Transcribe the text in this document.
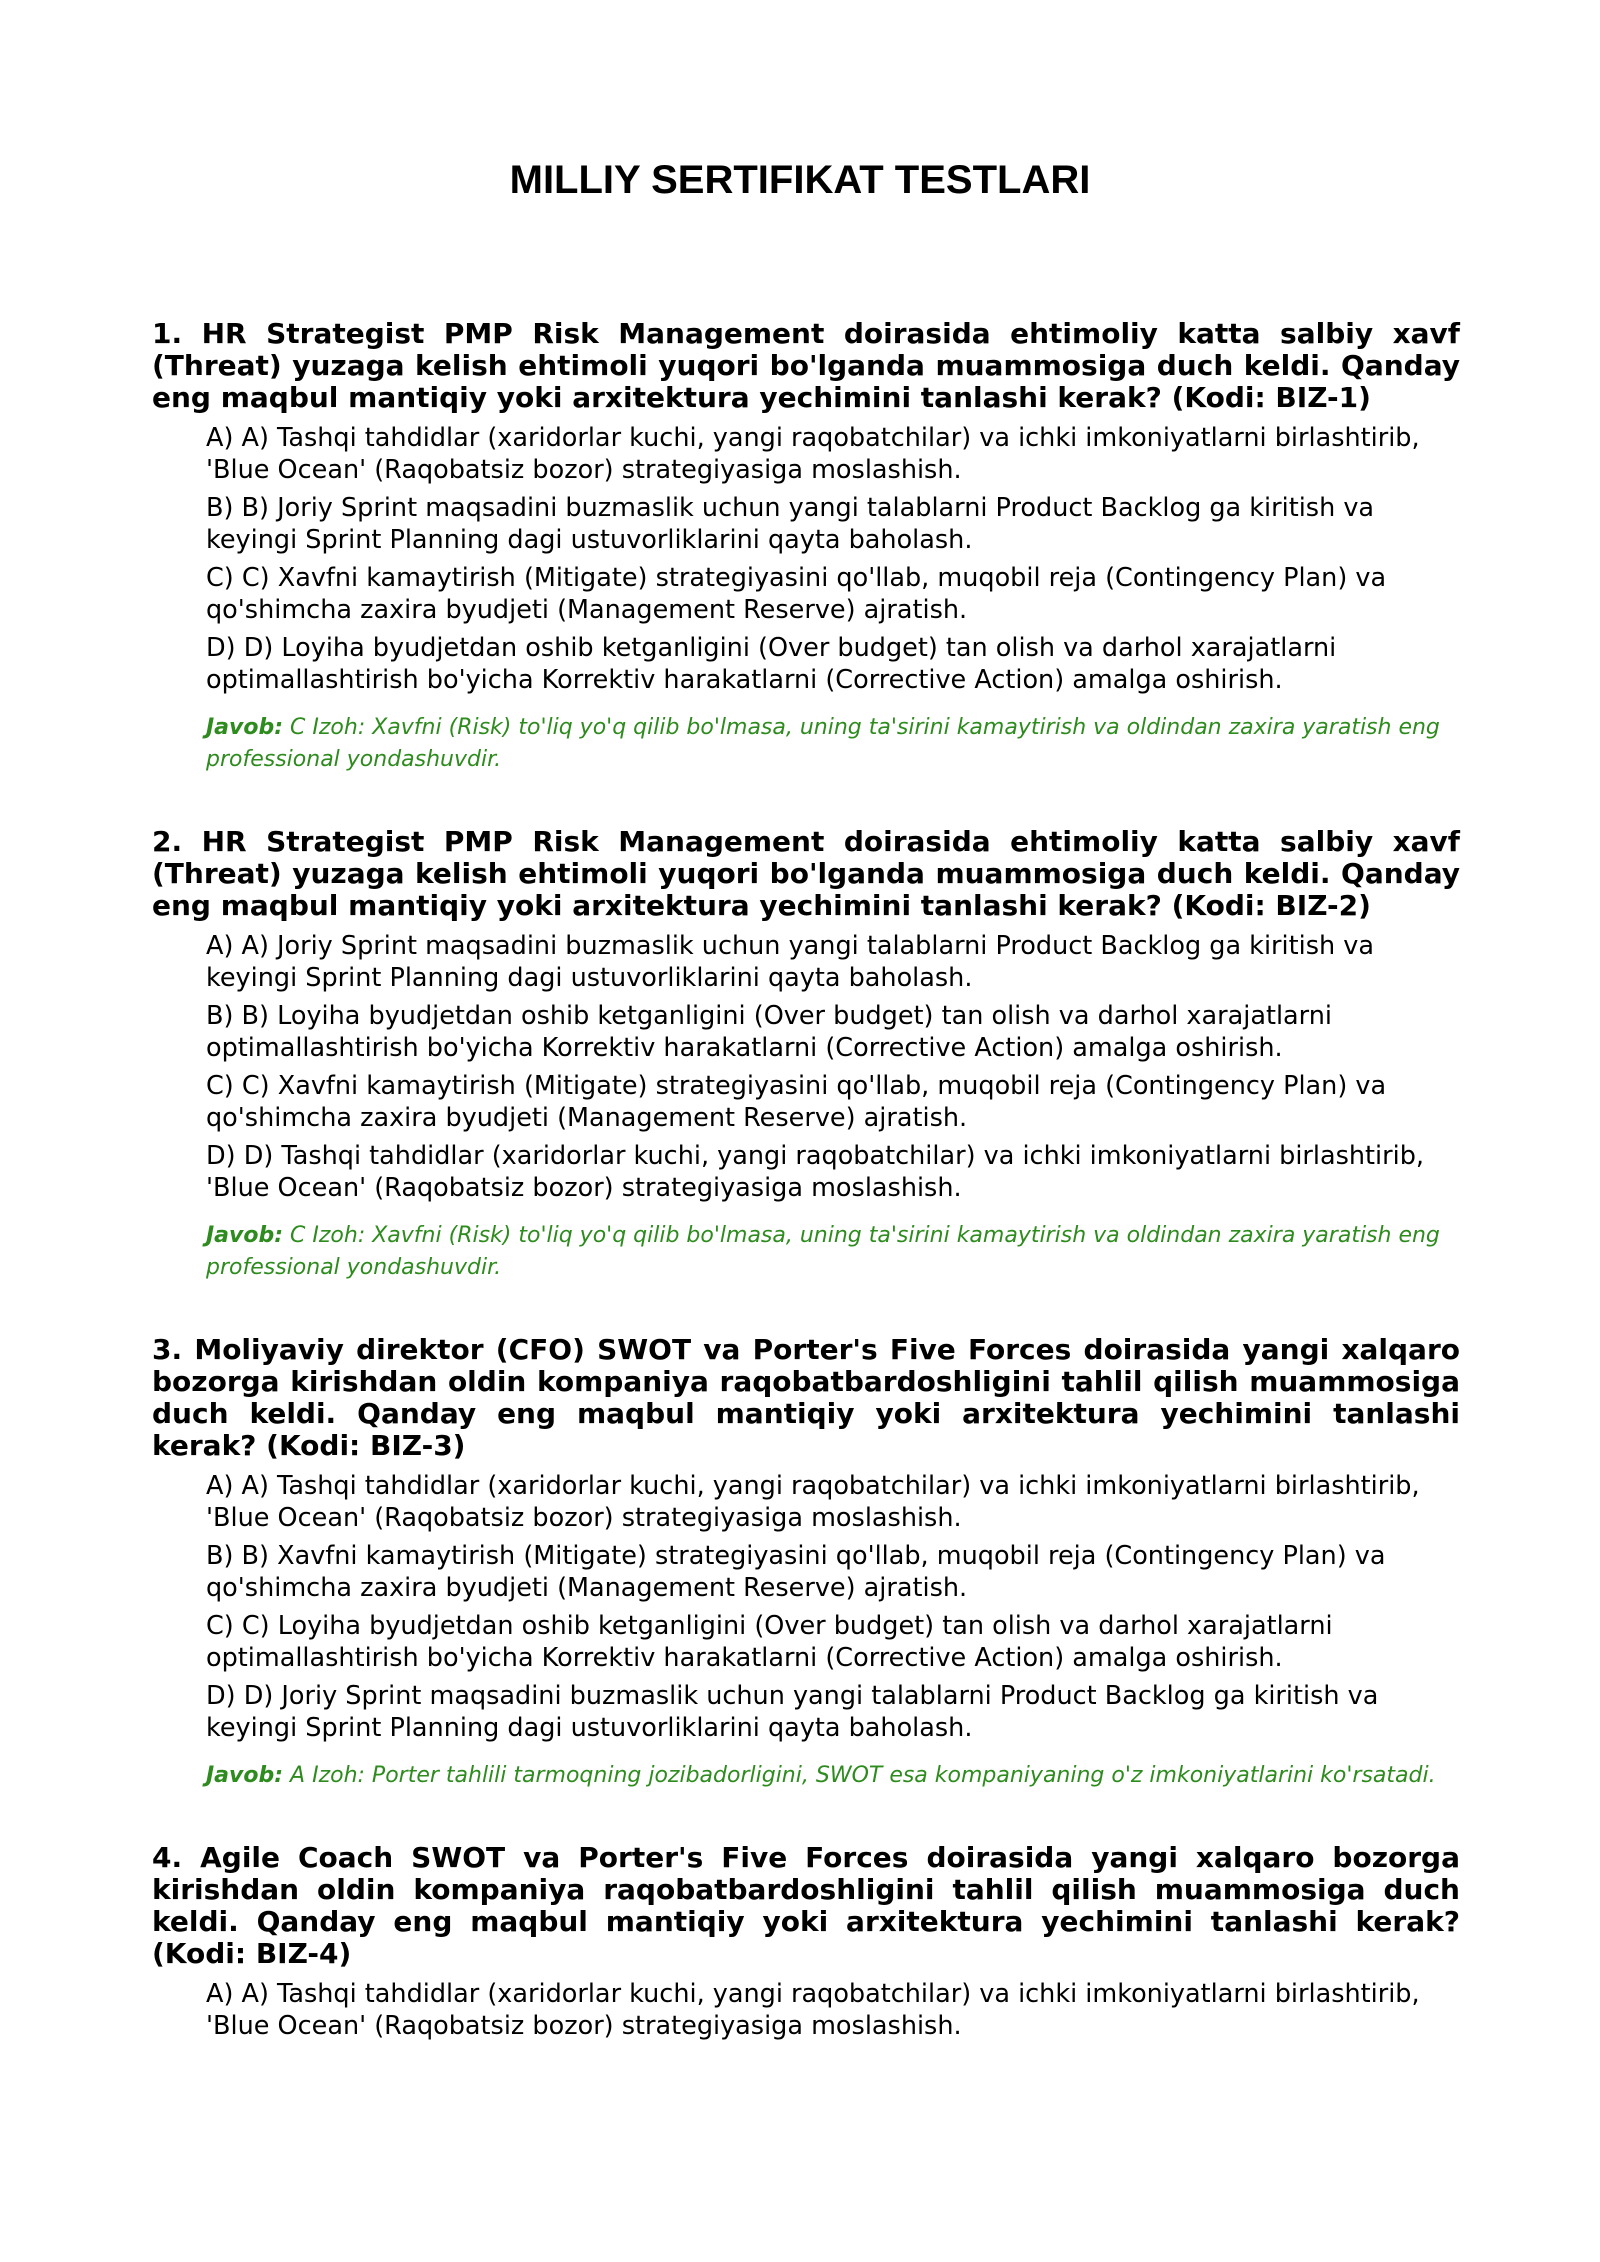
MILLIY SERTIFIKAT TESTLARI
1. HR Strategist PMP Risk Management doirasida ehtimoliy katta salbiy xavf (Threat) yuzaga kelish ehtimoli yuqori bo'lganda muammosiga duch keldi. Qanday eng maqbul mantiqiy yoki arxitektura yechimini tanlashi kerak? (Kodi: BIZ-1)
A) A) Tashqi tahdidlar (xaridorlar kuchi, yangi raqobatchilar) va ichki imkoniyatlarni birlashtirib, 'Blue Ocean' (Raqobatsiz bozor) strategiyasiga moslashish.
B) B) Joriy Sprint maqsadini buzmaslik uchun yangi talablarni Product Backlog ga kiritish va keyingi Sprint Planning dagi ustuvorliklarini qayta baholash.
C) C) Xavfni kamaytirish (Mitigate) strategiyasini qo'llab, muqobil reja (Contingency Plan) va qo'shimcha zaxira byudjeti (Management Reserve) ajratish.
D) D) Loyiha byudjetdan oshib ketganligini (Over budget) tan olish va darhol xarajatlarni optimallashtirish bo'yicha Korrektiv harakatlarni (Corrective Action) amalga oshirish.
Javob: C Izoh: Xavfni (Risk) to'liq yo'q qilib bo'lmasa, uning ta'sirini kamaytirish va oldindan zaxira yaratish eng professional yondashuvdir.
2. HR Strategist PMP Risk Management doirasida ehtimoliy katta salbiy xavf (Threat) yuzaga kelish ehtimoli yuqori bo'lganda muammosiga duch keldi. Qanday eng maqbul mantiqiy yoki arxitektura yechimini tanlashi kerak? (Kodi: BIZ-2)
A) A) Joriy Sprint maqsadini buzmaslik uchun yangi talablarni Product Backlog ga kiritish va keyingi Sprint Planning dagi ustuvorliklarini qayta baholash.
B) B) Loyiha byudjetdan oshib ketganligini (Over budget) tan olish va darhol xarajatlarni optimallashtirish bo'yicha Korrektiv harakatlarni (Corrective Action) amalga oshirish.
C) C) Xavfni kamaytirish (Mitigate) strategiyasini qo'llab, muqobil reja (Contingency Plan) va qo'shimcha zaxira byudjeti (Management Reserve) ajratish.
D) D) Tashqi tahdidlar (xaridorlar kuchi, yangi raqobatchilar) va ichki imkoniyatlarni birlashtirib, 'Blue Ocean' (Raqobatsiz bozor) strategiyasiga moslashish.
Javob: C Izoh: Xavfni (Risk) to'liq yo'q qilib bo'lmasa, uning ta'sirini kamaytirish va oldindan zaxira yaratish eng professional yondashuvdir.
3. Moliyaviy direktor (CFO) SWOT va Porter's Five Forces doirasida yangi xalqaro bozorga kirishdan oldin kompaniya raqobatbardoshligini tahlil qilish muammosiga duch keldi. Qanday eng maqbul mantiqiy yoki arxitektura yechimini tanlashi kerak? (Kodi: BIZ-3)
A) A) Tashqi tahdidlar (xaridorlar kuchi, yangi raqobatchilar) va ichki imkoniyatlarni birlashtirib, 'Blue Ocean' (Raqobatsiz bozor) strategiyasiga moslashish.
B) B) Xavfni kamaytirish (Mitigate) strategiyasini qo'llab, muqobil reja (Contingency Plan) va qo'shimcha zaxira byudjeti (Management Reserve) ajratish.
C) C) Loyiha byudjetdan oshib ketganligini (Over budget) tan olish va darhol xarajatlarni optimallashtirish bo'yicha Korrektiv harakatlarni (Corrective Action) amalga oshirish.
D) D) Joriy Sprint maqsadini buzmaslik uchun yangi talablarni Product Backlog ga kiritish va keyingi Sprint Planning dagi ustuvorliklarini qayta baholash.
Javob: A Izoh: Porter tahlili tarmoqning jozibadorligini, SWOT esa kompaniyaning o'z imkoniyatlarini ko'rsatadi.
4. Agile Coach SWOT va Porter's Five Forces doirasida yangi xalqaro bozorga kirishdan oldin kompaniya raqobatbardoshligini tahlil qilish muammosiga duch keldi. Qanday eng maqbul mantiqiy yoki arxitektura yechimini tanlashi kerak? (Kodi: BIZ-4)
A) A) Tashqi tahdidlar (xaridorlar kuchi, yangi raqobatchilar) va ichki imkoniyatlarni birlashtirib, 'Blue Ocean' (Raqobatsiz bozor) strategiyasiga moslashish.
